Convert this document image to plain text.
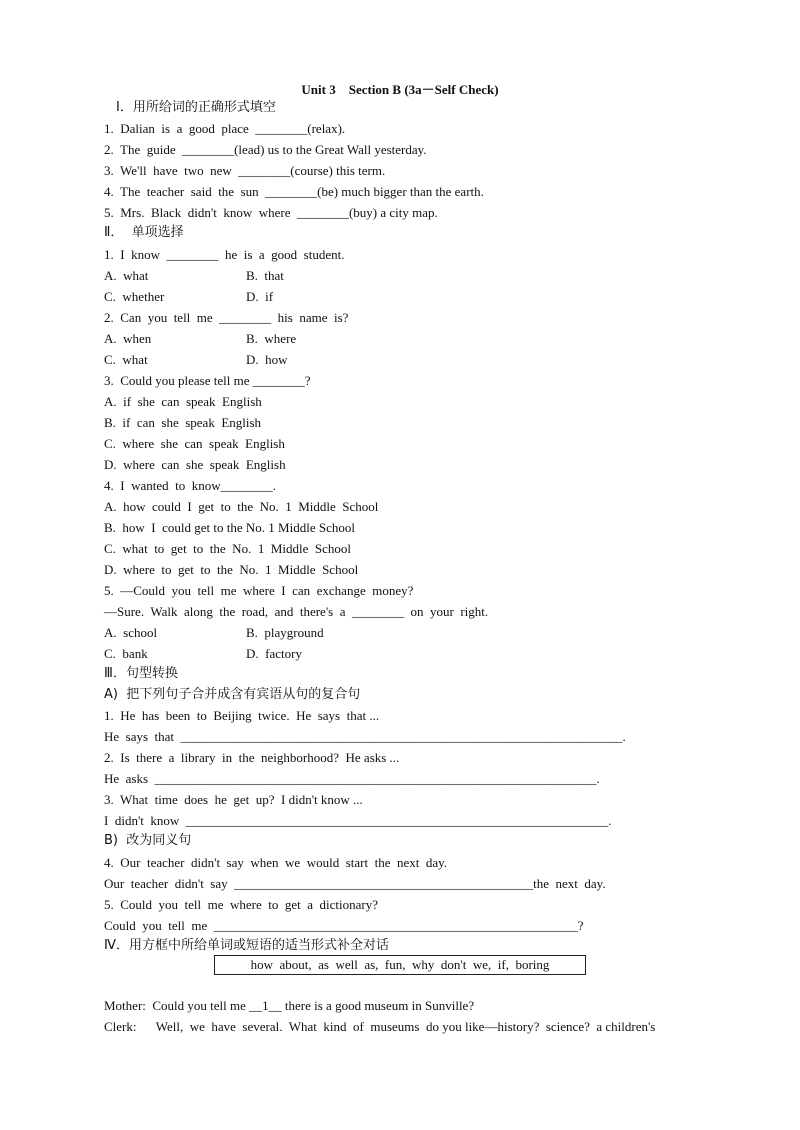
Unit 3　Section B (3a－Self Check)
Ⅰ．用所给词的正确形式填空
1.  Dalian  is  a  good  place  ________(relax).
2.  The  guide  ________(lead) us to the Great Wall yesterday.
3.  We'll  have  two  new  ________(course) this term.
4.  The  teacher  said  the  sun  ________(be) much bigger than the earth.
5.  Mrs.  Black  didn't  know  where  ________(buy) a city map.
Ⅱ．  单项选择
1.  I  know  ________  he  is  a  good  student.
A.  what	B.  that
C.  whether	D.  if
2.  Can  you  tell  me  ________  his  name  is?
A.  when	B.  where
C.  what	D.  how
3.  Could you please tell me ________?
A.  if  she  can  speak  English
B.  if  can  she  speak  English
C.  where  she  can  speak  English
D.  where  can  she  speak  English
4.  I  wanted  to  know________.
A.  how  could  I  get  to  the  No.  1  Middle  School
B.  how  I  could get to the No. 1 Middle School
C.  what  to  get  to  the  No.  1  Middle  School
D.  where  to  get  to  the  No.  1  Middle  School
5.  —Could  you  tell  me  where  I  can  exchange  money?
—Sure.  Walk  along  the  road,  and  there's  a  ________  on  your  right.
A.  school	B.  playground
C.  bank	D.  factory
Ⅲ．句型转换
A)  把下列句子合并成含有宾语从句的复合句
1.  He  has  been  to  Beijing  twice.  He  says  that ...
He  says  that  ____________________________________________________________________.
2.  Is  there  a  library  in  the  neighborhood?  He asks ...
He  asks  ____________________________________________________________________.
3.  What  time  does  he  get  up?  I didn't know ...
I  didn't  know  _________________________________________________________________.
B)  改为同义句
4.  Our  teacher  didn't  say  when  we  would  start  the  next  day.
Our  teacher  didn't  say  ______________________________________________the  next  day.
5.  Could  you  tell  me  where  to  get  a  dictionary?
Could  you  tell  me  ________________________________________________________?
Ⅳ．用方框中所给单词或短语的适当形式补全对话
how  about,  as  well  as,  fun,  why  don't  we,  if,  boring
Mother:  Could you tell me __1__ there is a good museum in Sunville?
Clerk:      Well,  we  have  several.  What  kind  of  museums  do you like—history?  science?  a children's
